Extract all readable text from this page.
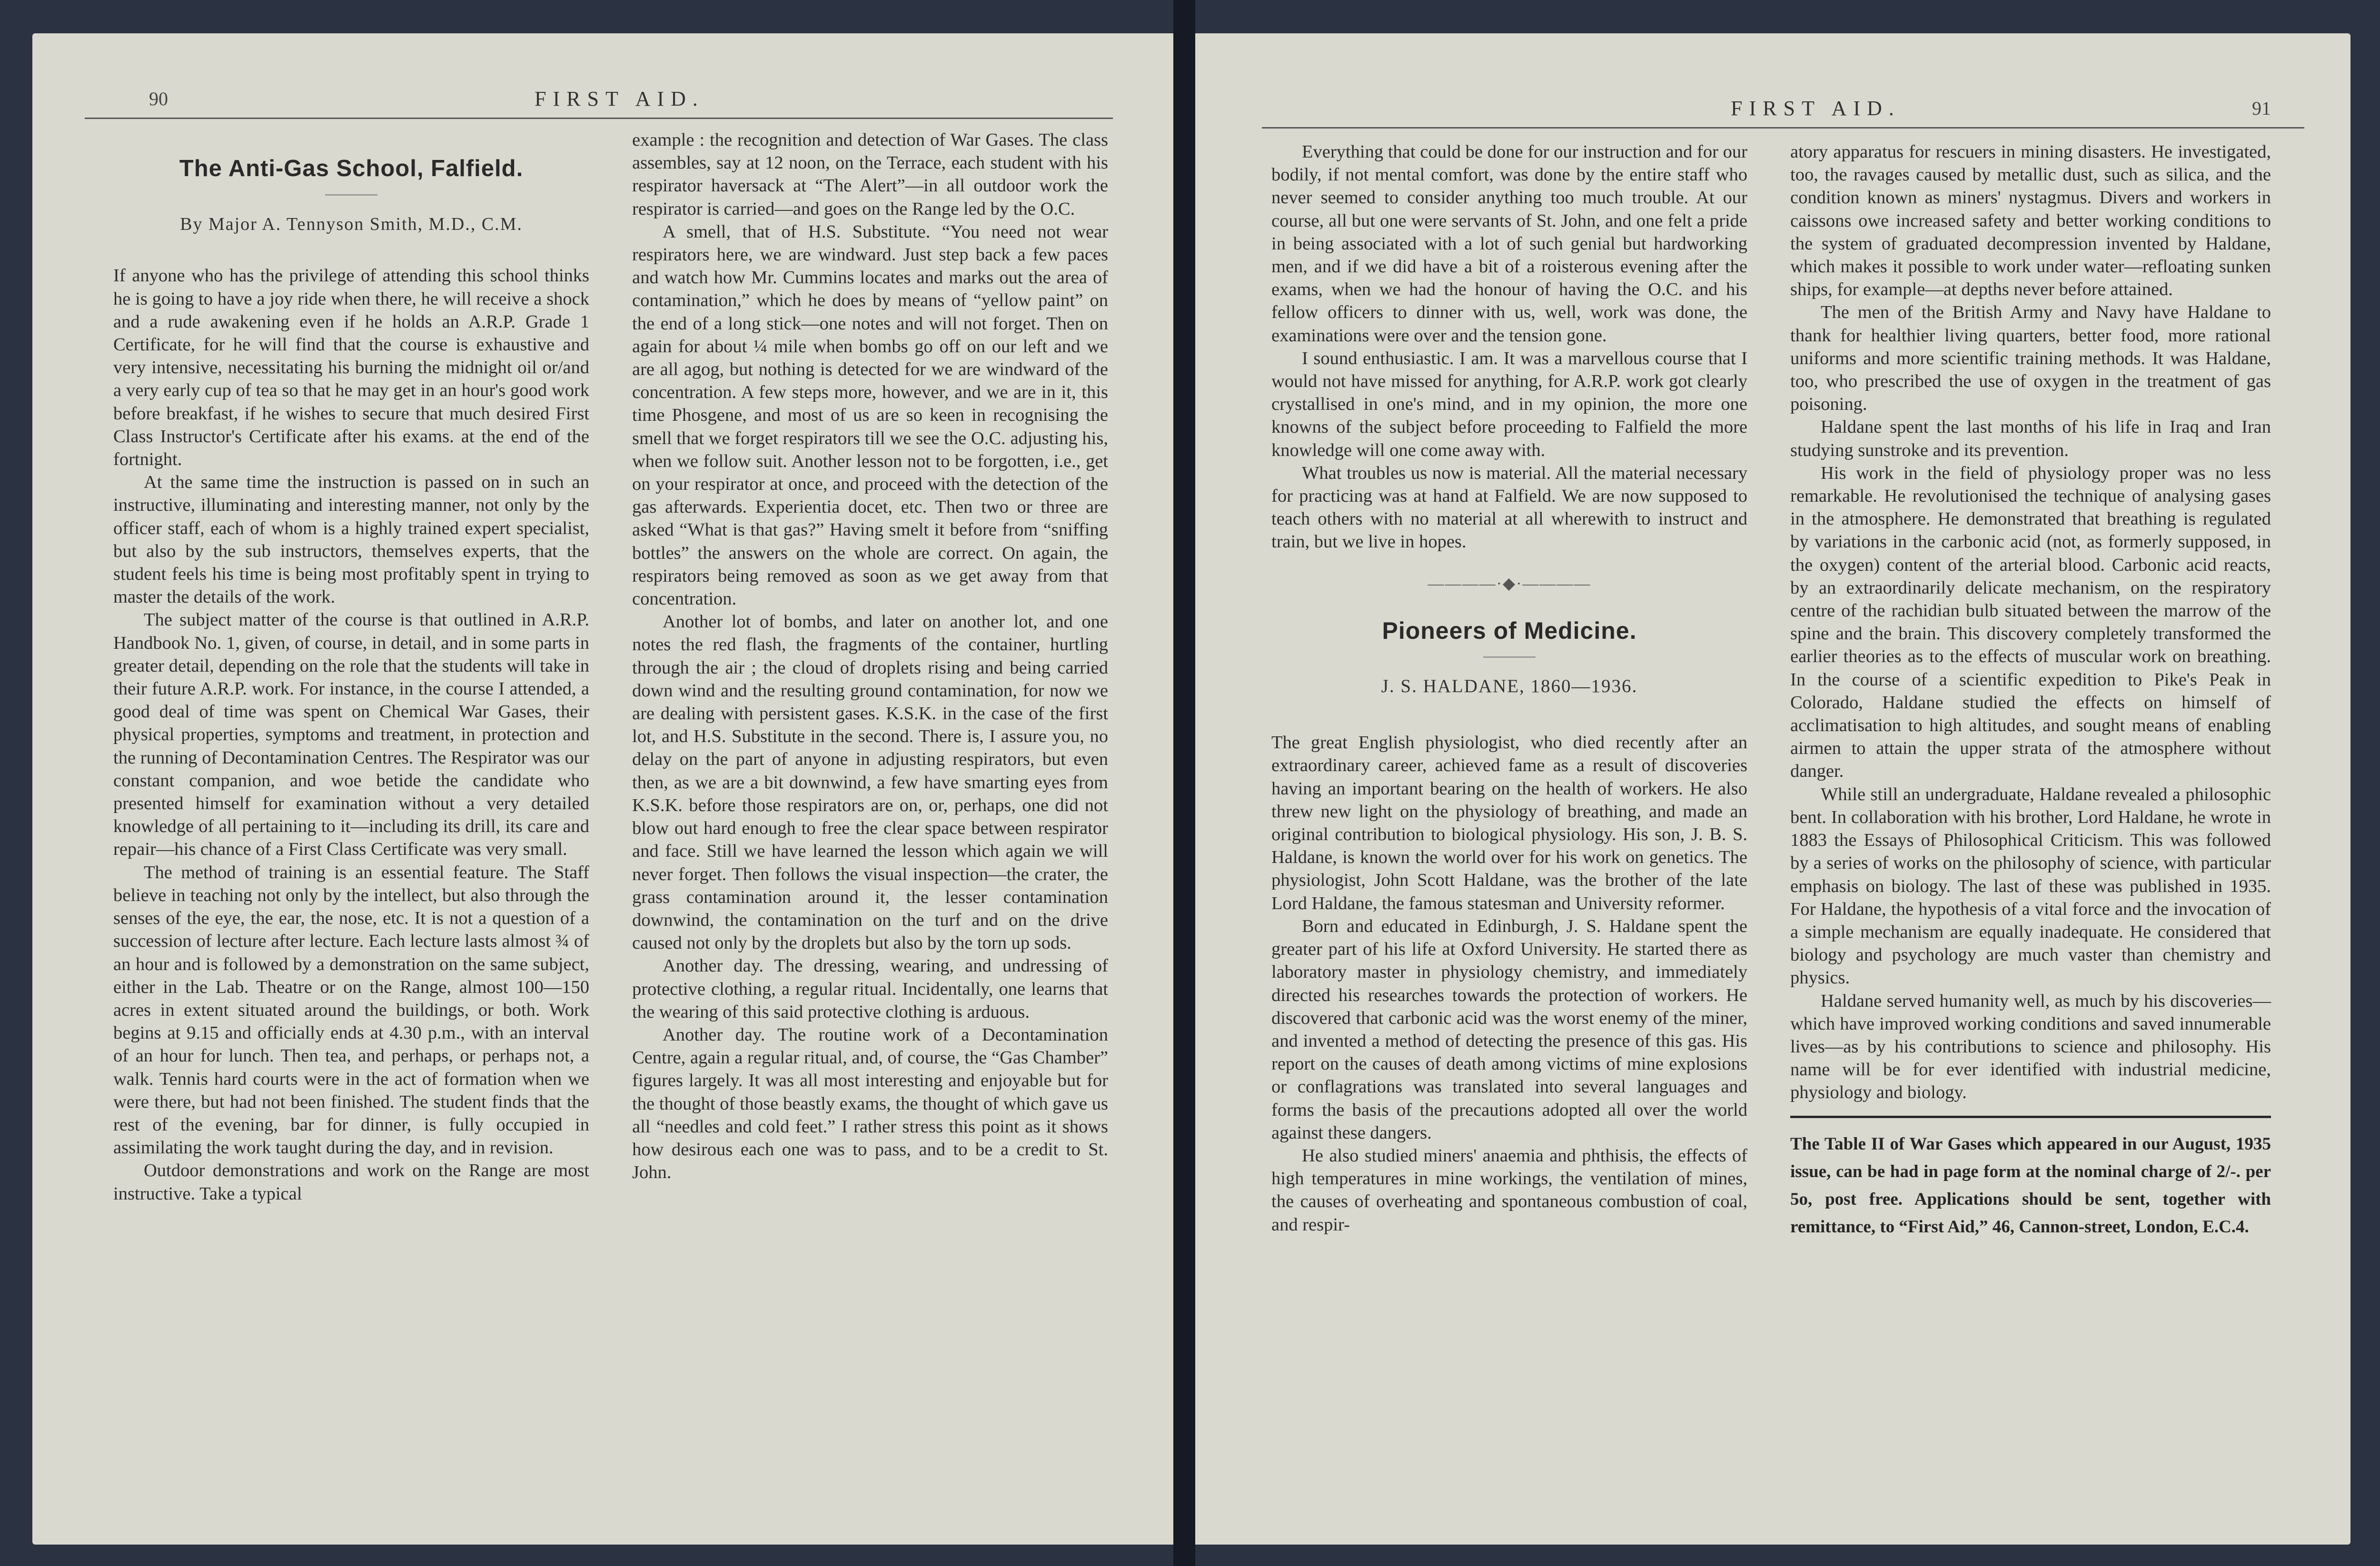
90	FIRST AID.
The Anti-Gas School, Falfield.
By Major A. Tennyson Smith, M.D., C.M.

If anyone who has the privilege of attending this school thinks he is going to have a joy ride when there, he will receive a shock and a rude awakening even if he holds an A.R.P. Grade 1 Certificate, for he will find that the course is exhaustive and very intensive, necessitating his burning the midnight oil or/and a very early cup of tea so that he may get in an hour's good work before breakfast, if he wishes to secure that much desired First Class Instructor's Certificate after his exams. at the end of the fortnight.

At the same time the instruction is passed on in such an instructive, illuminating and interesting manner, not only by the officer staff, each of whom is a highly trained expert specialist, but also by the sub instructors, themselves experts, that the student feels his time is being most profitably spent in trying to master the details of the work.

The subject matter of the course is that outlined in A.R.P. Handbook No. 1, given, of course, in detail, and in some parts in greater detail, depending on the role that the students will take in their future A.R.P. work. For instance, in the course I attended, a good deal of time was spent on Chemical War Gases, their physical properties, symptoms and treatment, in protection and the running of Decontamination Centres. The Respirator was our constant companion, and woe betide the candidate who presented himself for examination without a very detailed knowledge of all pertaining to it—including its drill, its care and repair—his chance of a First Class Certificate was very small.

The method of training is an essential feature. The Staff believe in teaching not only by the intellect, but also through the senses of the eye, the ear, the nose, etc. It is not a question of a succession of lecture after lecture. Each lecture lasts almost ¾ of an hour and is followed by a demonstration on the same subject, either in the Lab. Theatre or on the Range, almost 100—150 acres in extent situated around the buildings, or both. Work begins at 9.15 and officially ends at 4.30 p.m., with an interval of an hour for lunch. Then tea, and perhaps, or perhaps not, a walk. Tennis hard courts were in the act of formation when we were there, but had not been finished. The student finds that the rest of the evening, bar for dinner, is fully occupied in assimilating the work taught during the day, and in revision.

Outdoor demonstrations and work on the Range are most instructive. Take a typical

example : the recognition and detection of War Gases. The class assembles, say at 12 noon, on the Terrace, each student with his respirator haversack at “The Alert”—in all outdoor work the respirator is carried—and goes on the Range led by the O.C.

A smell, that of H.S. Substitute. “You need not wear respirators here, we are windward. Just step back a few paces and watch how Mr. Cummins locates and marks out the area of contamination,” which he does by means of “yellow paint” on the end of a long stick—one notes and will not forget. Then on again for about ¼ mile when bombs go off on our left and we are all agog, but nothing is detected for we are windward of the concentration. A few steps more, however, and we are in it, this time Phosgene, and most of us are so keen in recognising the smell that we forget respirators till we see the O.C. adjusting his, when we follow suit. Another lesson not to be forgotten, i.e., get on your respirator at once, and proceed with the detection of the gas afterwards. Experientia docet, etc. Then two or three are asked “What is that gas?” Having smelt it before from “sniffing bottles” the answers on the whole are correct. On again, the respirators being removed as soon as we get away from that concentration.

Another lot of bombs, and later on another lot, and one notes the red flash, the fragments of the container, hurtling through the air ; the cloud of droplets rising and being carried down wind and the resulting ground contamination, for now we are dealing with persistent gases. K.S.K. in the case of the first lot, and H.S. Substitute in the second. There is, I assure you, no delay on the part of anyone in adjusting respirators, but even then, as we are a bit downwind, a few have smarting eyes from K.S.K. before those respirators are on, or, perhaps, one did not blow out hard enough to free the clear space between respirator and face. Still we have learned the lesson which again we will never forget. Then follows the visual inspection—the crater, the grass contamination around it, the lesser contamination downwind, the contamination on the turf and on the drive caused not only by the droplets but also by the torn up sods.

Another day. The dressing, wearing, and undressing of protective clothing, a regular ritual. Incidentally, one learns that the wearing of this said protective clothing is arduous.

Another day. The routine work of a Decontamination Centre, again a regular ritual, and, of course, the “Gas Chamber” figures largely. It was all most interesting and enjoyable but for the thought of those beastly exams, the thought of which gave us all “needles and cold feet.” I rather stress this point as it shows how desirous each one was to pass, and to be a credit to St. John.

FIRST AID.	91

Everything that could be done for our instruction and for our bodily, if not mental comfort, was done by the entire staff who never seemed to consider anything too much trouble. At our course, all but one were servants of St. John, and one felt a pride in being associated with a lot of such genial but hardworking men, and if we did have a bit of a roisterous evening after the exams, when we had the honour of having the O.C. and his fellow officers to dinner with us, well, work was done, the examinations were over and the tension gone.

I sound enthusiastic. I am. It was a marvellous course that I would not have missed for anything, for A.R.P. work got clearly crystallised in one's mind, and in my opinion, the more one knowns of the subject before proceeding to Falfield the more knowledge will one come away with.

What troubles us now is material. All the material necessary for practicing was at hand at Falfield. We are now supposed to teach others with no material at all wherewith to instruct and train, but we live in hopes.

————·◆·————
Pioneers of Medicine.
J. S. HALDANE, 1860—1936.

The great English physiologist, who died recently after an extraordinary career, achieved fame as a result of discoveries having an important bearing on the health of workers. He also threw new light on the physiology of breathing, and made an original contribution to biological physiology. His son, J. B. S. Haldane, is known the world over for his work on genetics. The physiologist, John Scott Haldane, was the brother of the late Lord Haldane, the famous statesman and University reformer.

Born and educated in Edinburgh, J. S. Haldane spent the greater part of his life at Oxford University. He started there as laboratory master in physiology chemistry, and immediately directed his researches towards the protection of workers. He discovered that carbonic acid was the worst enemy of the miner, and invented a method of detecting the presence of this gas. His report on the causes of death among victims of mine explosions or conflagrations was translated into several languages and forms the basis of the precautions adopted all over the world against these dangers.

He also studied miners' anaemia and phthisis, the effects of high temperatures in mine workings, the ventilation of mines, the causes of overheating and spontaneous combustion of coal, and respir-

atory apparatus for rescuers in mining disasters. He investigated, too, the ravages caused by metallic dust, such as silica, and the condition known as miners' nystagmus. Divers and workers in caissons owe increased safety and better working conditions to the system of graduated decompression invented by Haldane, which makes it possible to work under water—refloating sunken ships, for example—at depths never before attained.

The men of the British Army and Navy have Haldane to thank for healthier living quarters, better food, more rational uniforms and more scientific training methods. It was Haldane, too, who prescribed the use of oxygen in the treatment of gas poisoning.

Haldane spent the last months of his life in Iraq and Iran studying sunstroke and its prevention.

His work in the field of physiology proper was no less remarkable. He revolutionised the technique of analysing gases in the atmosphere. He demonstrated that breathing is regulated by variations in the carbonic acid (not, as formerly supposed, in the oxygen) content of the arterial blood. Carbonic acid reacts, by an extraordinarily delicate mechanism, on the respiratory centre of the rachidian bulb situated between the marrow of the spine and the brain. This discovery completely transformed the earlier theories as to the effects of muscular work on breathing. In the course of a scientific expedition to Pike's Peak in Colorado, Haldane studied the effects on himself of acclimatisation to high altitudes, and sought means of enabling airmen to attain the upper strata of the atmosphere without danger.

While still an undergraduate, Haldane revealed a philosophic bent. In collaboration with his brother, Lord Haldane, he wrote in 1883 the Essays of Philosophical Criticism. This was followed by a series of works on the philosophy of science, with particular emphasis on biology. The last of these was published in 1935. For Haldane, the hypothesis of a vital force and the invocation of a simple mechanism are equally inadequate. He considered that biology and psychology are much vaster than chemistry and physics.

Haldane served humanity well, as much by his discoveries—which have improved working conditions and saved innumerable lives—as by his contributions to science and philosophy. His name will be for ever identified with industrial medicine, physiology and biology.

The Table II of War Gases which appeared in our August, 1935 issue, can be had in page form at the nominal charge of 2/-. per 5o, post free. Applications should be sent, together with remittance, to “First Aid,” 46, Cannon-street, London, E.C.4.
